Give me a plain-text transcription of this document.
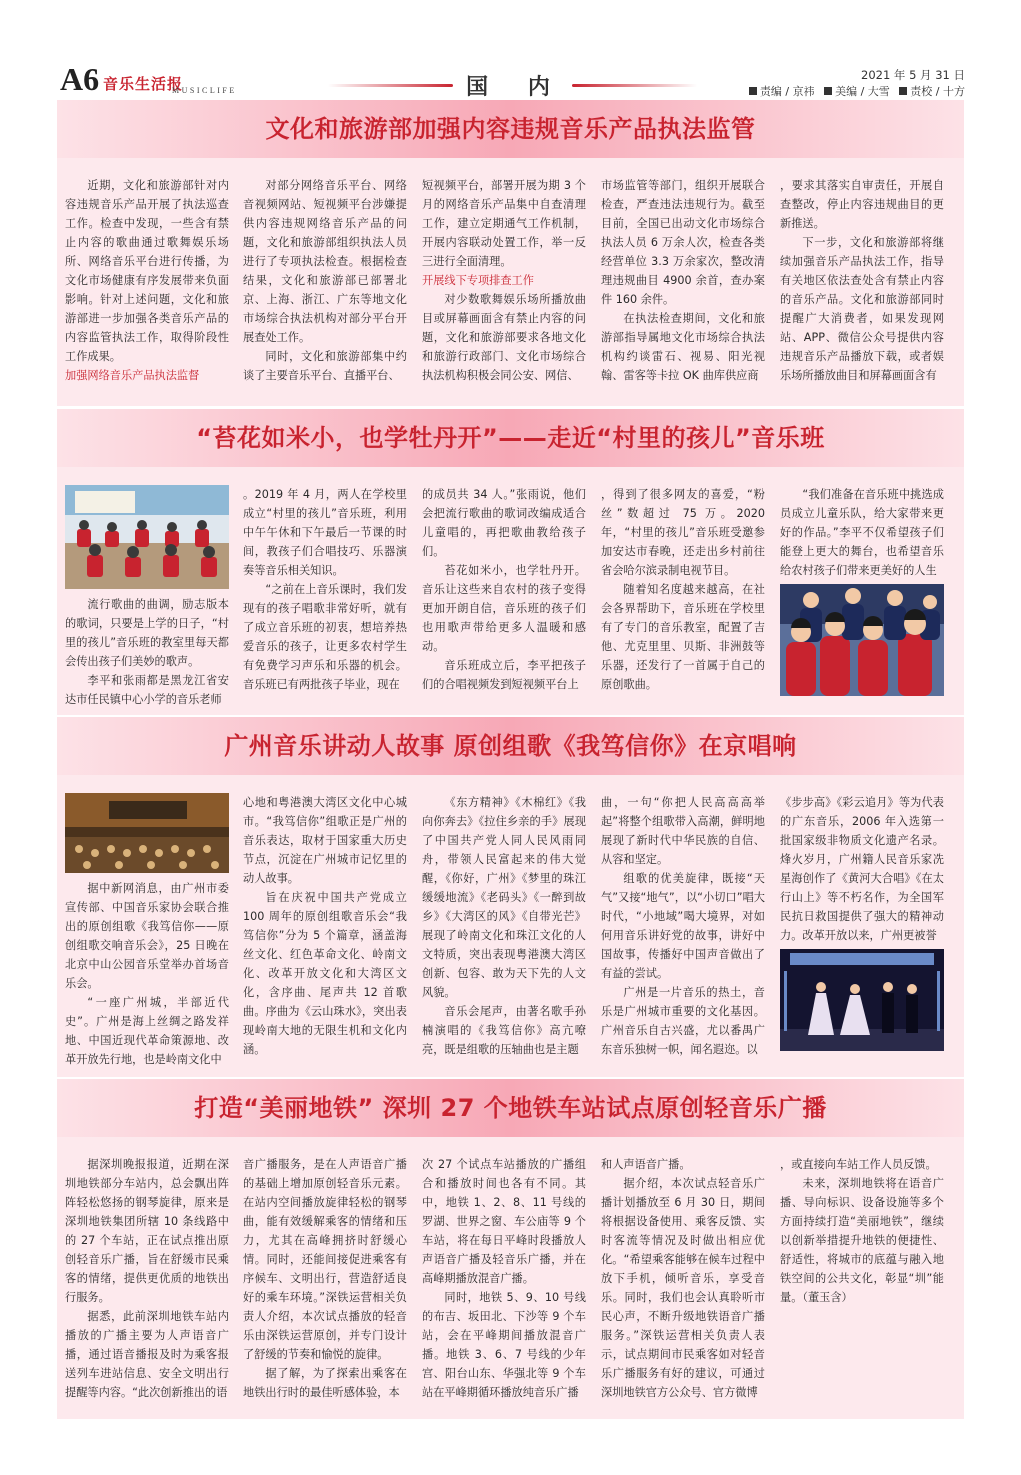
A6 音乐生活报
MUSICLIFE	国 内	2021 年 5 月 31 日
责编 / 京祎 美编 / 大雪 责校 / 十方
文化和旅游部加强内容违规音乐产品执法监管

近期，文化和旅游部针对内容违规音乐产品开展了执法巡查工作。检查中发现，一些含有禁止内容的歌曲通过歌舞娱乐场所、网络音乐平台进行传播，为文化市场健康有序发展带来负面影响。针对上述问题，文化和旅游部进一步加强各类音乐产品的内容监管执法工作，取得阶段性工作成果。

加强网络音乐产品执法监督

对部分网络音乐平台、网络音视频网站、短视频平台涉嫌提供内容违规网络音乐产品的问题，文化和旅游部组织执法人员进行了专项执法检查。根据检查结果，文化和旅游部已部署北京、上海、浙江、广东等地文化市场综合执法机构对部分平台开展查处工作。

同时，文化和旅游部集中约谈了主要音乐平台、直播平台、

短视频平台，部署开展为期 3 个月的网络音乐产品集中自查清理工作，建立定期通气工作机制，开展内容联动处置工作，举一反三进行全面清理。

开展线下专项排查工作

对少数歌舞娱乐场所播放曲目或屏幕画面含有禁止内容的问题，文化和旅游部要求各地文化和旅游行政部门、文化市场综合执法机构积极会同公安、网信、

市场监管等部门，组织开展联合检查，严查违法违规行为。截至目前，全国已出动文化市场综合执法人员 6 万余人次，检查各类经营单位 3.3 万余家次，整改清理违规曲目 4900 余首，查办案件 160 余件。

在执法检查期间，文化和旅游部指导属地文化市场综合执法机构约谈雷石、视易、阳光视翰、雷客等卡拉 OK 曲库供应商

，要求其落实自审责任，开展自查整改，停止内容违规曲目的更新推送。

下一步，文化和旅游部将继续加强音乐产品执法工作，指导有关地区依法查处含有禁止内容的音乐产品。文化和旅游部同时提醒广大消费者，如果发现网站、APP、微信公众号提供内容违规音乐产品播放下载，或者娱乐场所播放曲目和屏幕画面含有

“苔花如米小，也学牡丹开”——走近“村里的孩儿”音乐班

流行歌曲的曲调，励志版本的歌词，只要是上学的日子，“村里的孩儿”音乐班的教室里每天都会传出孩子们美妙的歌声。

李平和张雨都是黑龙江省安达市任民镇中心小学的音乐老师

。2019 年 4 月，两人在学校里成立“村里的孩儿”音乐班，利用中午午休和下午最后一节课的时间，教孩子们合唱技巧、乐器演奏等音乐相关知识。

“之前在上音乐课时，我们发现有的孩子唱歌非常好听，就有了成立音乐班的初衷，想培养热爱音乐的孩子，让更多农村学生有免费学习声乐和乐器的机会。音乐班已有两批孩子毕业，现在

的成员共 34 人。”张雨说，他们会把流行歌曲的歌词改编成适合儿童唱的，再把歌曲教给孩子们。

苔花如米小，也学牡丹开。音乐让这些来自农村的孩子变得更加开朗自信，音乐班的孩子们也用歌声带给更多人温暖和感动。

音乐班成立后，李平把孩子们的合唱视频发到短视频平台上

，得到了很多网友的喜爱，“粉丝”数超过 75 万。2020 年，“村里的孩儿”音乐班受邀参加安达市春晚，还走出乡村前往省会哈尔滨录制电视节目。

随着知名度越来越高，在社会各界帮助下，音乐班在学校里有了专门的音乐教室，配置了吉他、尤克里里、贝斯、非洲鼓等乐器，还发行了一首属于自己的原创歌曲。

“我们准备在音乐班中挑选成员成立儿童乐队，给大家带来更好的作品。”李平不仅希望孩子们能登上更大的舞台，也希望音乐给农村孩子们带来更美好的人生

广州音乐讲动人故事 原创组歌《我笃信你》在京唱响

据中新网消息，由广州市委宣传部、中国音乐家协会联合推出的原创组歌《我笃信你——原创组歌交响音乐会》，25 日晚在北京中山公园音乐堂举办首场音乐会。

“一座广州城，半部近代史”。广州是海上丝绸之路发祥地、中国近现代革命策源地、改革开放先行地，也是岭南文化中

心地和粤港澳大湾区文化中心城市。“我笃信你”组歌正是广州的音乐表达，取材于国家重大历史节点，沉淀在广州城市记忆里的动人故事。

旨在庆祝中国共产党成立 100 周年的原创组歌音乐会“我笃信你”分为 5 个篇章，涵盖海丝文化、红色革命文化、岭南文化、改革开放文化和大湾区文化，含序曲、尾声共 12 首歌曲。序曲为《云山珠水》，突出表现岭南大地的无限生机和文化内涵。

《东方精神》《木棉红》《我向你奔去》《拉住乡亲的手》展现了中国共产党人同人民风雨同舟，带领人民富起来的伟大觉醒，《你好，广州》《梦里的珠江缓缓地流》《老码头》《一醉到故乡》《大湾区的风》《自带光芒》展现了岭南文化和珠江文化的人文特质，突出表现粤港澳大湾区创新、包容、敢为天下先的人文风貌。

音乐会尾声，由著名歌手孙楠演唱的《我笃信你》高亢嘹亮，既是组歌的压轴曲也是主题

曲，一句“你把人民高高高举起”将整个组歌带入高潮，鲜明地展现了新时代中华民族的自信、从容和坚定。

组歌的优美旋律，既接“天气”又接“地气”，以“小切口”唱大时代，“小地域”喝大境界，对如何用音乐讲好党的故事，讲好中国故事，传播好中国声音做出了有益的尝试。

广州是一片音乐的热土，音乐是广州城市重要的文化基因。广州音乐自古兴盛，尤以番禺广东音乐独树一帜，闻名遐迩。以

《步步高》《彩云追月》等为代表的广东音乐，2006 年入选第一批国家级非物质文化遗产名录。烽火岁月，广州籍人民音乐家冼星海创作了《黄河大合唱》《在太行山上》等不朽名作，为全国军民抗日救国提供了强大的精神动力。改革开放以来，广州更被誉

打造“美丽地铁” 深圳 27 个地铁车站试点原创轻音乐广播

据深圳晚报报道，近期在深圳地铁部分车站内，总会飘出阵阵轻松悠扬的钢琴旋律，原来是深圳地铁集团所辖 10 条线路中的 27 个车站，正在试点推出原创轻音乐广播，旨在舒缓市民乘客的情绪，提供更优质的地铁出行服务。

据悉，此前深圳地铁车站内播放的广播主要为人声语音广播，通过语音播报及时为乘客报送列车进站信息、安全文明出行提醒等内容。“此次创新推出的语

音广播服务，是在人声语音广播的基础上增加原创轻音乐元素。在站内空间播放旋律轻松的钢琴曲，能有效缓解乘客的情绪和压力，尤其在高峰拥挤时舒缓心情。同时，还能间接促进乘客有序候车、文明出行，营造舒适良好的乘车环境。”深铁运营相关负责人介绍，本次试点播放的轻音乐由深铁运营原创，并专门设计了舒缓的节奏和愉悦的旋律。

据了解，为了探索出乘客在地铁出行时的最佳听感体验，本

次 27 个试点车站播放的广播组合和播放时间也各有不同。其中，地铁 1、2、8、11 号线的罗湖、世界之窗、车公庙等 9 个车站，将在每日平峰时段播放人声语音广播及轻音乐广播，并在高峰期播放混音广播。

同时，地铁 5、9、10 号线的布吉、坂田北、下沙等 9 个车站，会在平峰期间播放混音广播。地铁 3、6、7 号线的少年宫、阳台山东、华强北等 9 个车站在平峰期循环播放纯音乐广播

和人声语音广播。

据介绍，本次试点轻音乐广播计划播放至 6 月 30 日，期间将根据设备使用、乘客反馈、实时客流等情况及时做出相应优化。“希望乘客能够在候车过程中放下手机，倾听音乐，享受音乐。同时，我们也会认真聆听市民心声，不断升级地铁语音广播服务。”深铁运营相关负责人表示，试点期间市民乘客如对轻音乐广播服务有好的建议，可通过深圳地铁官方公众号、官方微博

，或直接向车站工作人员反馈。

未来，深圳地铁将在语音广播、导向标识、设备设施等多个方面持续打造“美丽地铁”，继续以创新举措提升地铁的便捷性、舒适性，将城市的底蕴与融入地铁空间的公共文化，彰显“圳”能量。（董玉含）
